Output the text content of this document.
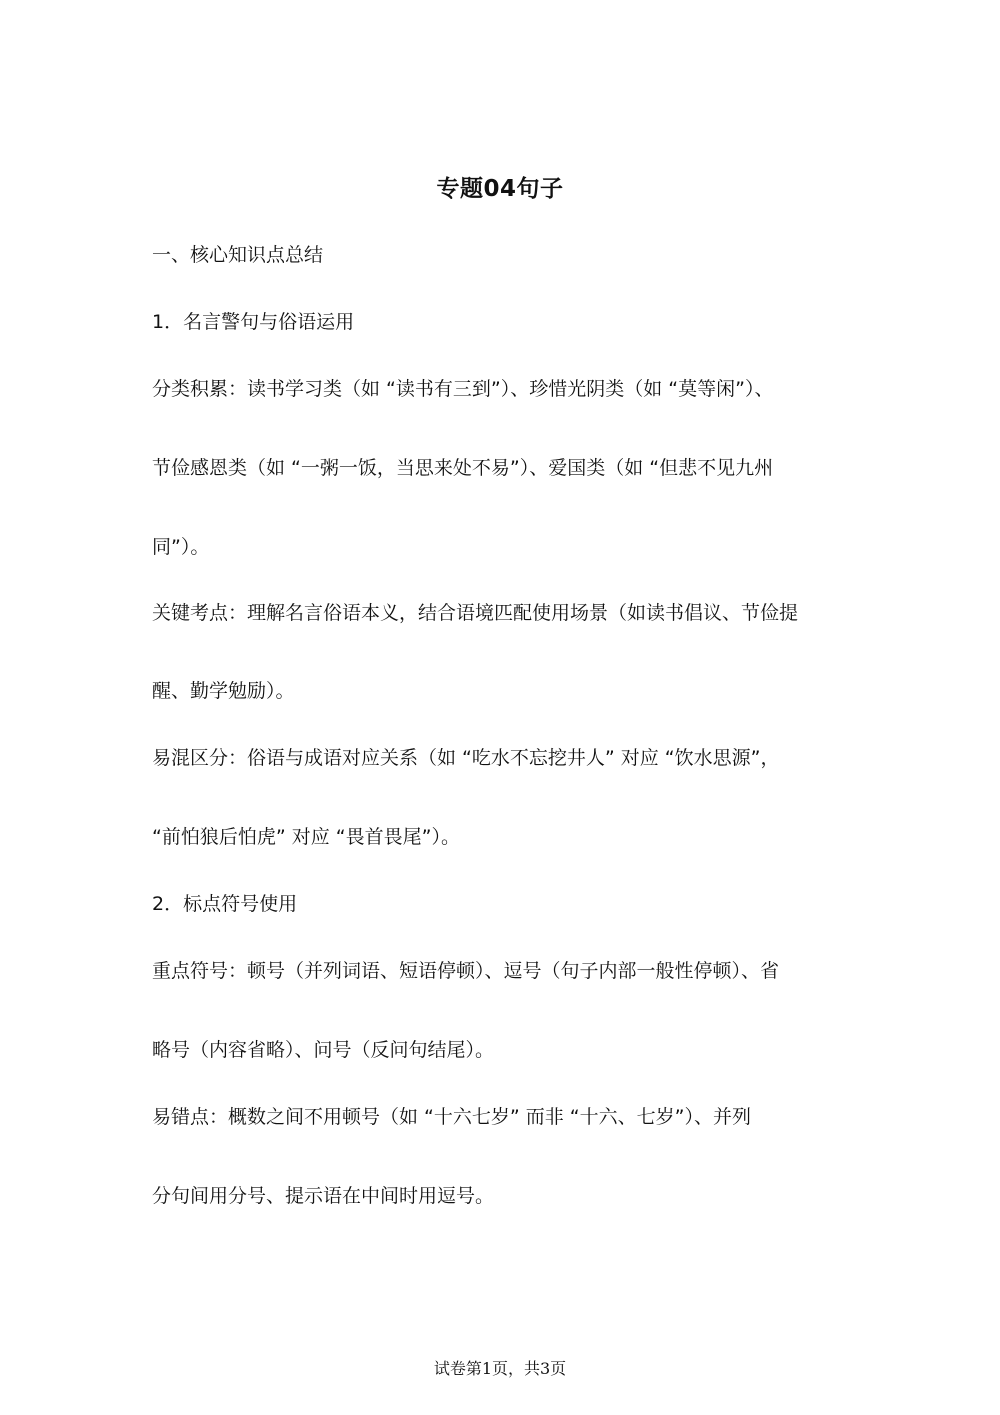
专题04句子
一、核心知识点总结
1．名言警句与俗语运用
分类积累：读书学习类（如 “读书有三到”）、珍惜光阴类（如 “莫等闲”）、
节俭感恩类（如 “一粥一饭，当思来处不易”）、爱国类（如 “但悲不见九州
同”）。
关键考点：理解名言俗语本义，结合语境匹配使用场景（如读书倡议、节俭提
醒、勤学勉励）。
易混区分：俗语与成语对应关系（如 “吃水不忘挖井人” 对应 “饮水思源”，
“前怕狼后怕虎” 对应 “畏首畏尾”）。
2．标点符号使用
重点符号：顿号（并列词语、短语停顿）、逗号（句子内部一般性停顿）、省
略号（内容省略）、问号（反问句结尾）。
易错点：概数之间不用顿号（如 “十六七岁” 而非 “十六、七岁”）、并列
分句间用分号、提示语在中间时用逗号。
试卷第1页，共3页
